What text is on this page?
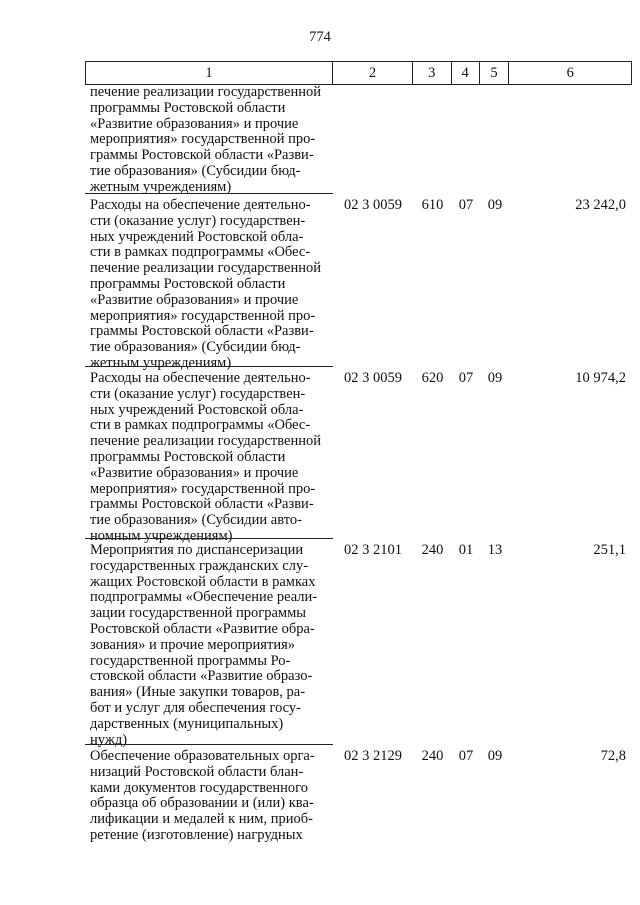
774
1	2	3	4	5	6
печение реализации государственной
программы Ростовской области
«Развитие образования» и прочие
мероприятия» государственной про-
граммы Ростовской области «Разви-
тие образования» (Субсидии бюд-
жетным учреждениям)
Расходы на обеспечение деятельно-
сти (оказание услуг) государствен-
ных учреждений Ростовской обла-
сти в рамках подпрограммы «Обес-
печение реализации государственной
программы Ростовской области
«Развитие образования» и прочие
мероприятия» государственной про-
граммы Ростовской области «Разви-
тие образования» (Субсидии бюд-
жетным учреждениям)
02 3 0059	610	07	09	23 242,0
Расходы на обеспечение деятельно-
сти (оказание услуг) государствен-
ных учреждений Ростовской обла-
сти в рамках подпрограммы «Обес-
печение реализации государственной
программы Ростовской области
«Развитие образования» и прочие
мероприятия» государственной про-
граммы Ростовской области «Разви-
тие образования» (Субсидии авто-
номным учреждениям)
02 3 0059	620	07	09	10 974,2
Мероприятия по диспансеризации
государственных гражданских слу-
жащих Ростовской области в рамках
подпрограммы «Обеспечение реали-
зации государственной программы
Ростовской области «Развитие обра-
зования» и прочие мероприятия»
государственной программы Ро-
стовской области «Развитие образо-
вания» (Иные закупки товаров, ра-
бот и услуг для обеспечения госу-
дарственных (муниципальных)
нужд)
02 3 2101	240	01	13	251,1
Обеспечение образовательных орга-
низаций Ростовской области блан-
ками документов государственного
образца об образовании и (или) ква-
лификации и медалей к ним, приоб-
ретение (изготовление) нагрудных
02 3 2129	240	07	09	72,8
